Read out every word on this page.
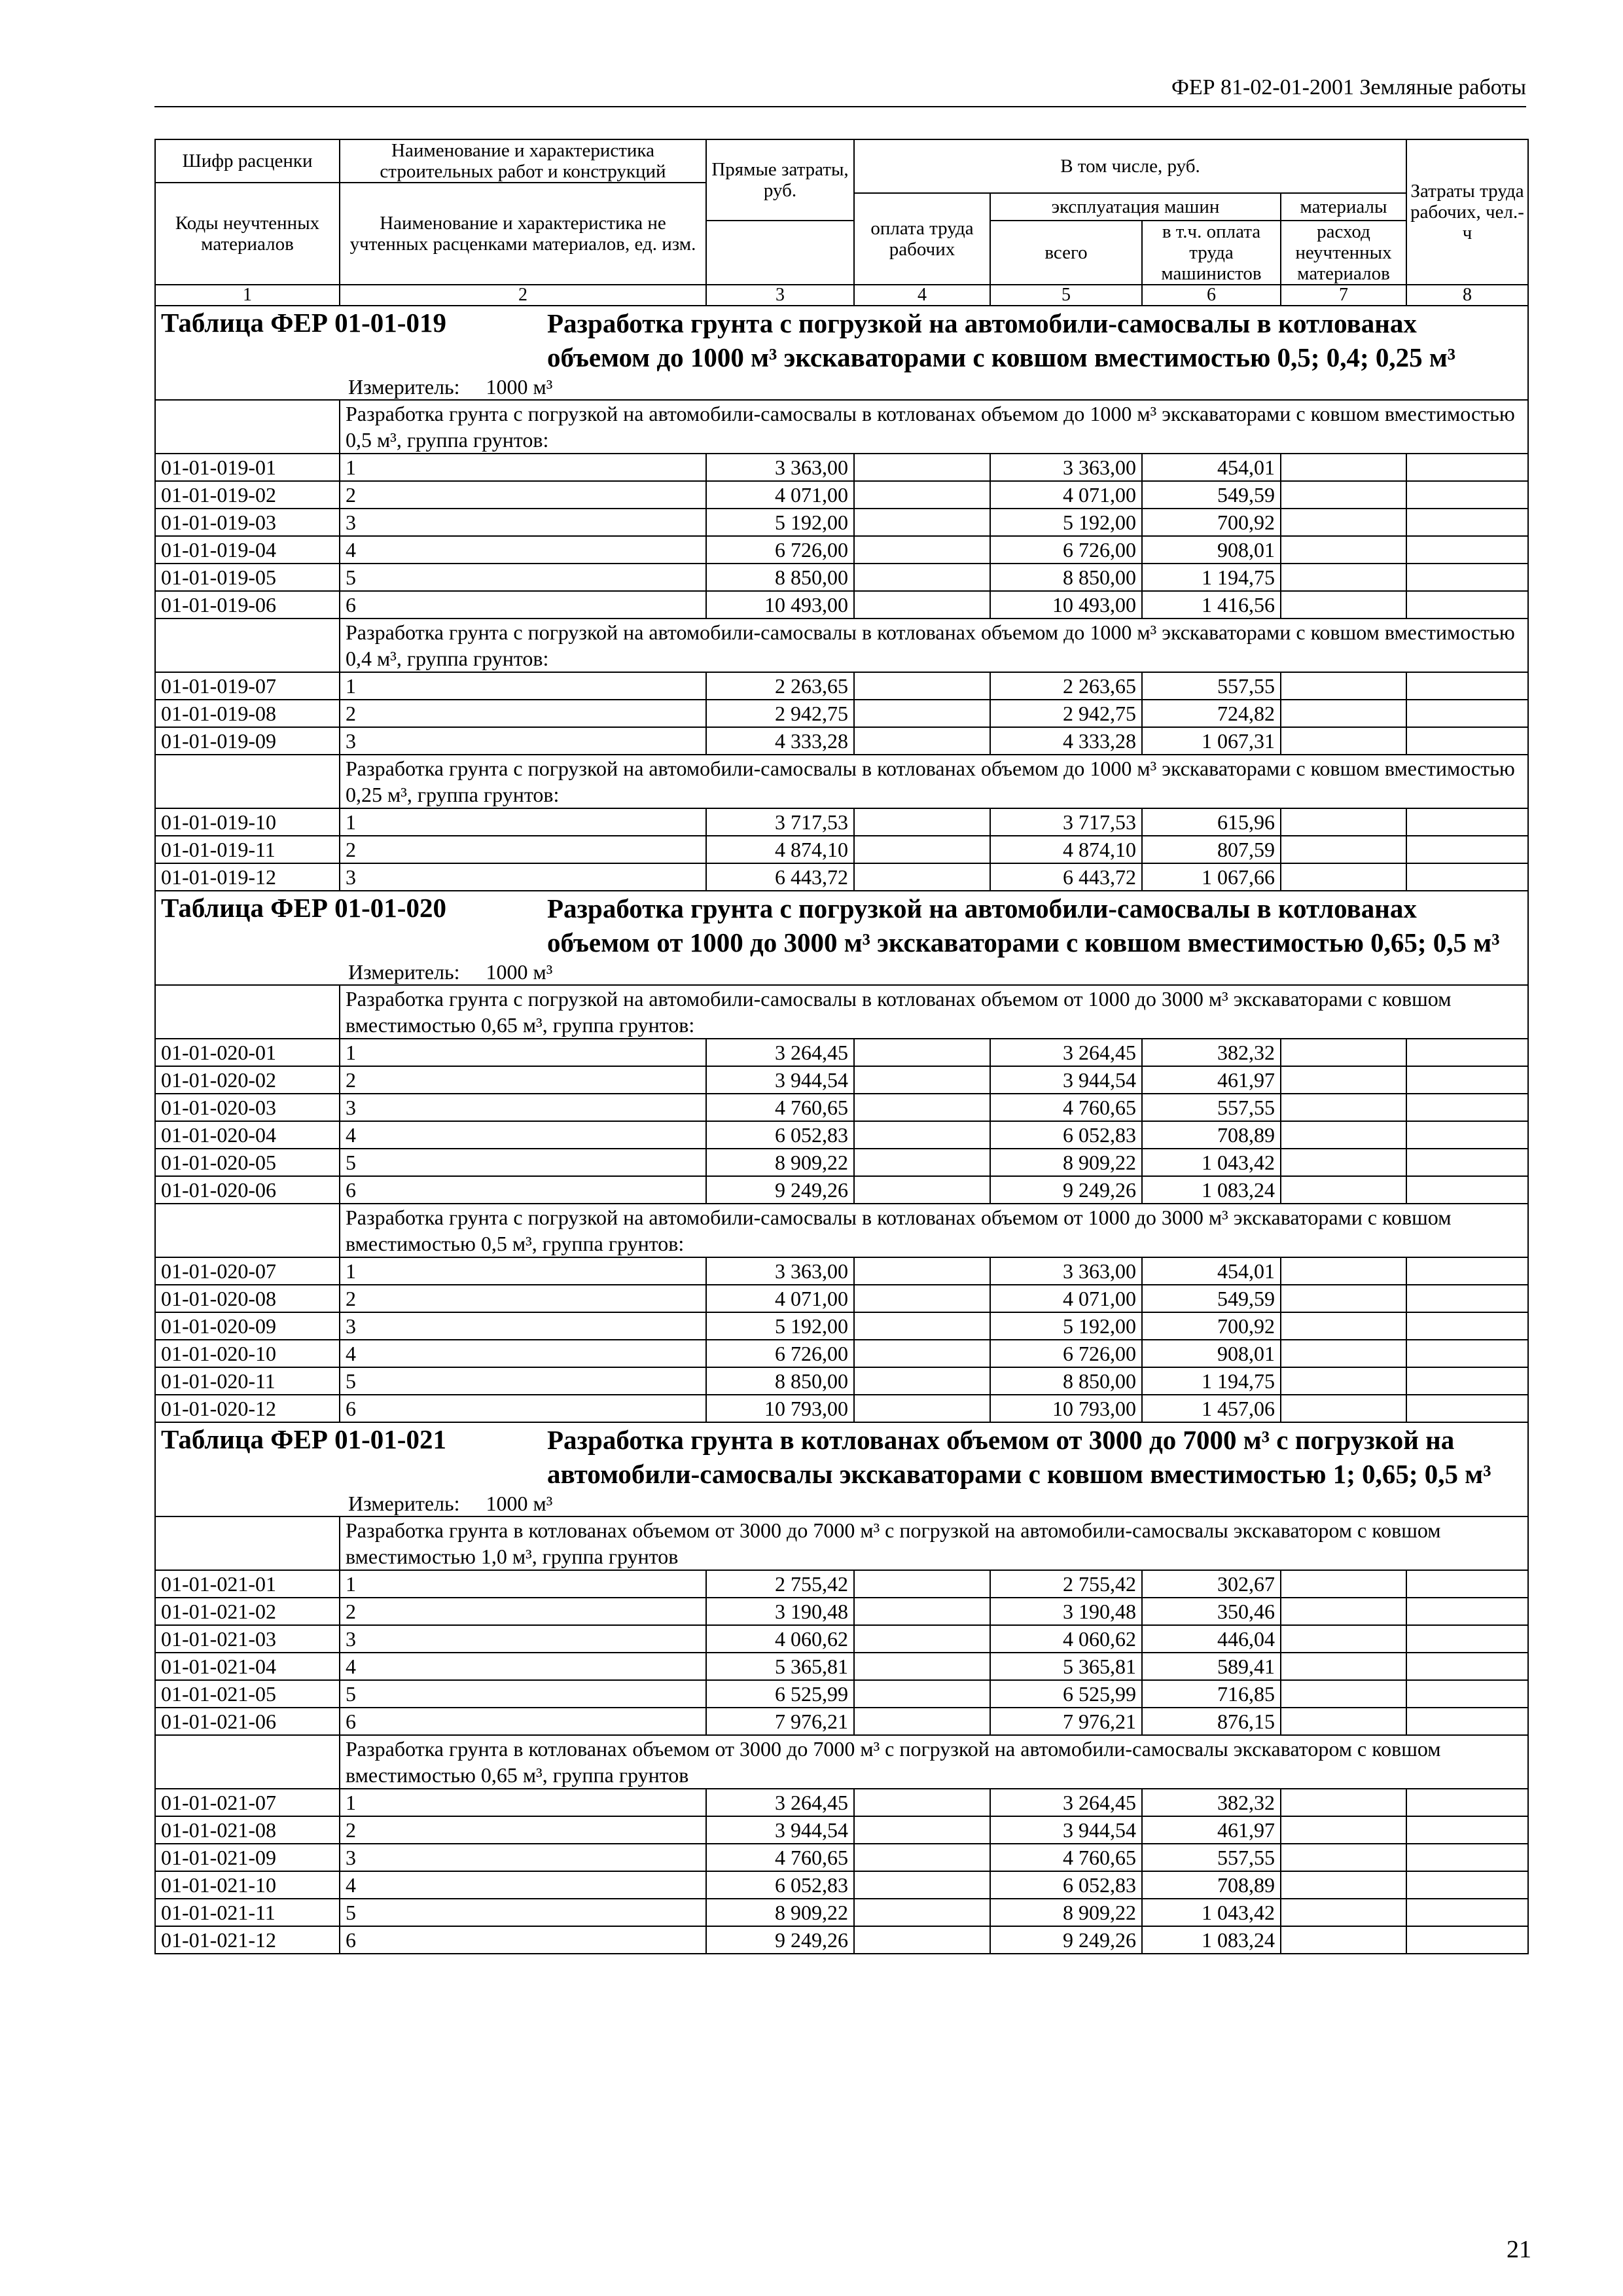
ФЕР 81-02-01-2001 Земляные работы
Шифр расценки	Наименование и характеристика строительных работ и конструкций	Прямые затраты, руб.	В том числе, руб.				Затраты труда рабочих, чел.-ч
Коды неучтенных материалов	Наименование и характеристика не учтенных расценками материалов, ед. изм.						
			оплата труда рабочих	эксплуатация машин		материалы	
				всего	в т.ч. оплата труда машинистов	расход неучтенных материалов	
1	2	3	4	5	6	7	8

Таблица ФЕР 01-01-019 Разработка грунта с погрузкой на автомобили-самосвалы в котлованах объемом до 1000 м³ экскаваторами с ковшом вместимостью 0,5; 0,4; 0,25 м³
Измеритель: 1000 м³							

	Разработка грунта с погрузкой на автомобили-самосвалы в котлованах объемом до 1000 м³ экскаваторами с ковшом вместимостью 0,5 м³, группа грунтов:						
01-01-019-01	1	3 363,00		3 363,00	454,01		
01-01-019-02	2	4 071,00		4 071,00	549,59		
01-01-019-03	3	5 192,00		5 192,00	700,92		
01-01-019-04	4	6 726,00		6 726,00	908,01		
01-01-019-05	5	8 850,00		8 850,00	1 194,75		
01-01-019-06	6	10 493,00		10 493,00	1 416,56		
	Разработка грунта с погрузкой на автомобили-самосвалы в котлованах объемом до 1000 м³ экскаваторами с ковшом вместимостью 0,4 м³, группа грунтов:						
01-01-019-07	1	2 263,65		2 263,65	557,55		
01-01-019-08	2	2 942,75		2 942,75	724,82		
01-01-019-09	3	4 333,28		4 333,28	1 067,31		
	Разработка грунта с погрузкой на автомобили-самосвалы в котлованах объемом до 1000 м³ экскаваторами с ковшом вместимостью 0,25 м³, группа грунтов:						
01-01-019-10	1	3 717,53		3 717,53	615,96		
01-01-019-11	2	4 874,10		4 874,10	807,59		
01-01-019-12	3	6 443,72		6 443,72	1 067,66		

Таблица ФЕР 01-01-020 Разработка грунта с погрузкой на автомобили-самосвалы в котлованах объемом от 1000 до 3000 м³ экскаваторами с ковшом вместимостью 0,65; 0,5 м³
Измеритель: 1000 м³							

	Разработка грунта с погрузкой на автомобили-самосвалы в котлованах объемом от 1000 до 3000 м³ экскаваторами с ковшом вместимостью 0,65 м³, группа грунтов:						
01-01-020-01	1	3 264,45		3 264,45	382,32		
01-01-020-02	2	3 944,54		3 944,54	461,97		
01-01-020-03	3	4 760,65		4 760,65	557,55		
01-01-020-04	4	6 052,83		6 052,83	708,89		
01-01-020-05	5	8 909,22		8 909,22	1 043,42		
01-01-020-06	6	9 249,26		9 249,26	1 083,24		
	Разработка грунта с погрузкой на автомобили-самосвалы в котлованах объемом от 1000 до 3000 м³ экскаваторами с ковшом вместимостью 0,5 м³, группа грунтов:						
01-01-020-07	1	3 363,00		3 363,00	454,01		
01-01-020-08	2	4 071,00		4 071,00	549,59		
01-01-020-09	3	5 192,00		5 192,00	700,92		
01-01-020-10	4	6 726,00		6 726,00	908,01		
01-01-020-11	5	8 850,00		8 850,00	1 194,75		
01-01-020-12	6	10 793,00		10 793,00	1 457,06		

Таблица ФЕР 01-01-021 Разработка грунта в котлованах объемом от 3000 до 7000 м³ с погрузкой на автомобили-самосвалы экскаваторами с ковшом вместимостью 1; 0,65; 0,5 м³
Измеритель: 1000 м³							

	Разработка грунта в котлованах объемом от 3000 до 7000 м³ с погрузкой на автомобили-самосвалы экскаватором с ковшом вместимостью 1,0 м³, группа грунтов						
01-01-021-01	1	2 755,42		2 755,42	302,67		
01-01-021-02	2	3 190,48		3 190,48	350,46		
01-01-021-03	3	4 060,62		4 060,62	446,04		
01-01-021-04	4	5 365,81		5 365,81	589,41		
01-01-021-05	5	6 525,99		6 525,99	716,85		
01-01-021-06	6	7 976,21		7 976,21	876,15		
	Разработка грунта в котлованах объемом от 3000 до 7000 м³ с погрузкой на автомобили-самосвалы экскаватором с ковшом вместимостью 0,65 м³, группа грунтов						
01-01-021-07	1	3 264,45		3 264,45	382,32		
01-01-021-08	2	3 944,54		3 944,54	461,97		
01-01-021-09	3	4 760,65		4 760,65	557,55		
01-01-021-10	4	6 052,83		6 052,83	708,89		
01-01-021-11	5	8 909,22		8 909,22	1 043,42		
01-01-021-12	6	9 249,26		9 249,26	1 083,24		
21
